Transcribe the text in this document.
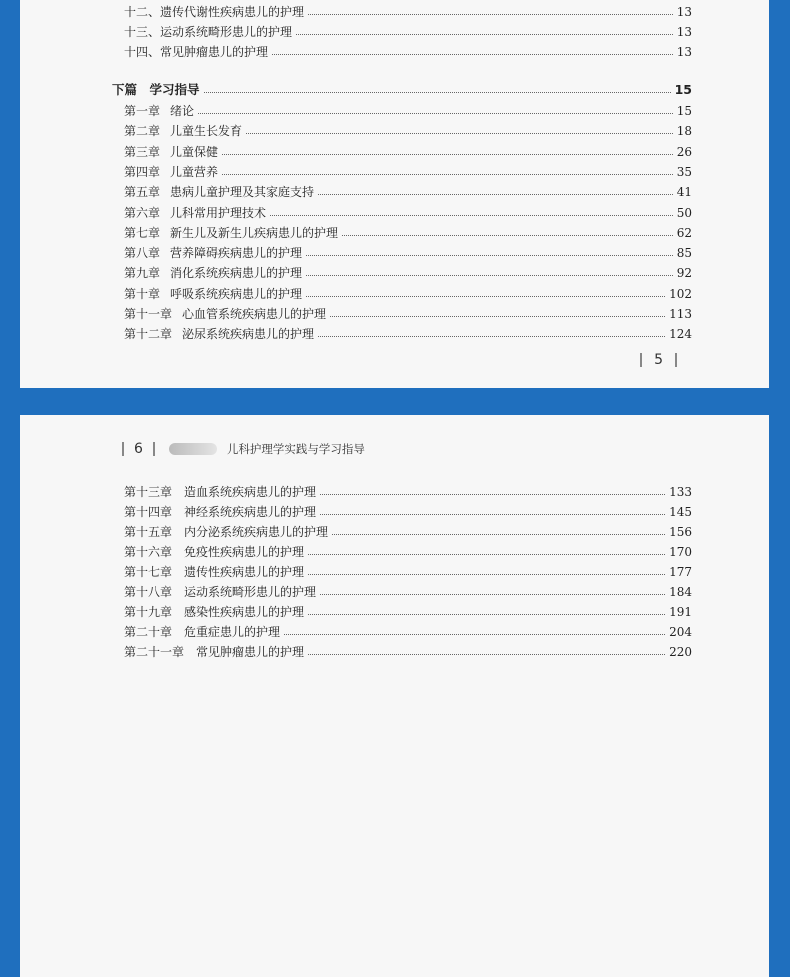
十二、 遗传代谢性疾病患儿的护理	13
十三、 运动系统畸形患儿的护理	13
十四、 常见肿瘤患儿的护理	13
下篇　学习指导	15
第一章 绪论	15
第二章 儿童生长发育	18
第三章 儿童保健	26
第四章 儿童营养	35
第五章 患病儿童护理及其家庭支持	41
第六章 儿科常用护理技术	50
第七章 新生儿及新生儿疾病患儿的护理	62
第八章 营养障碍疾病患儿的护理	85
第九章 消化系统疾病患儿的护理	92
第十章 呼吸系统疾病患儿的护理	102
第十一章 心血管系统疾病患儿的护理	113
第十二章 泌尿系统疾病患儿的护理	124
5
6	儿科护理学实践与学习指导
第十三章 造血系统疾病患儿的护理	133
第十四章 神经系统疾病患儿的护理	145
第十五章 内分泌系统疾病患儿的护理	156
第十六章 免疫性疾病患儿的护理	170
第十七章 遗传性疾病患儿的护理	177
第十八章 运动系统畸形患儿的护理	184
第十九章 感染性疾病患儿的护理	191
第二十章 危重症患儿的护理	204
第二十一章 常见肿瘤患儿的护理	220
